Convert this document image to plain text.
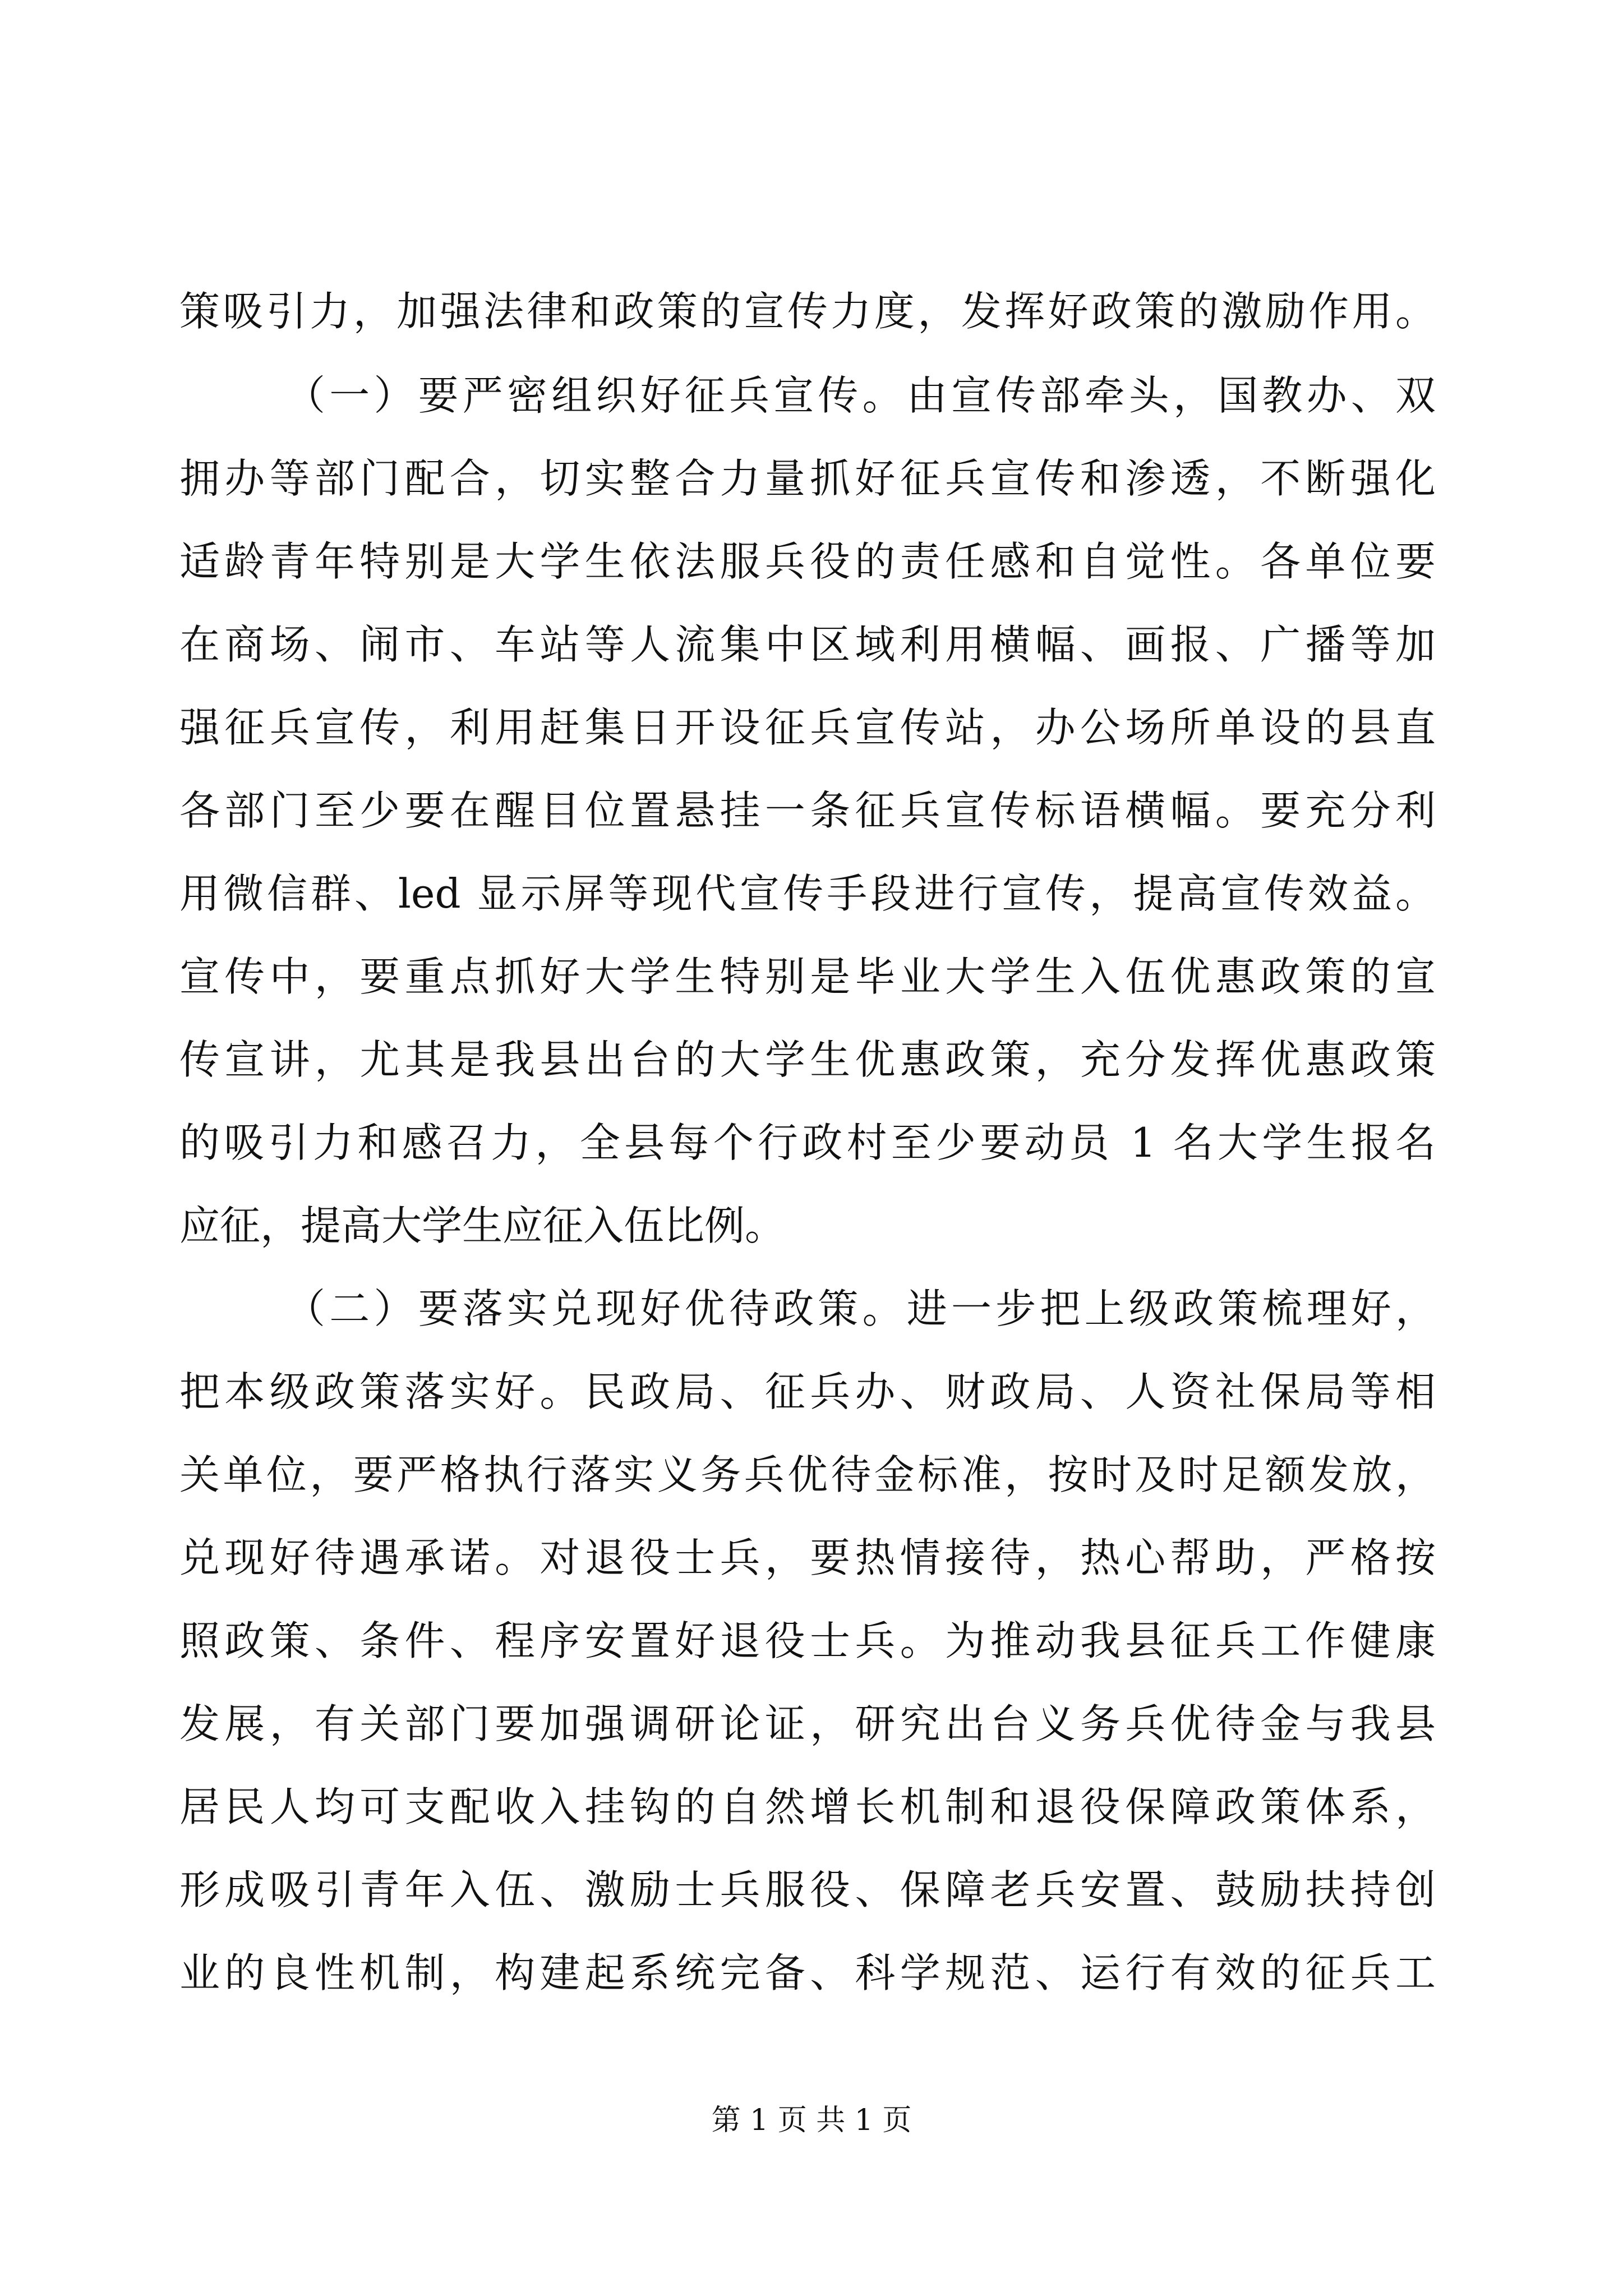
策吸引力，加强法律和政策的宣传力度，发挥好政策的激励作用。
（一）要严密组织好征兵宣传。由宣传部牵头，国教办、双
拥办等部门配合，切实整合力量抓好征兵宣传和渗透，不断强化
适龄青年特别是大学生依法服兵役的责任感和自觉性。各单位要
在商场、闹市、车站等人流集中区域利用横幅、画报、广播等加
强征兵宣传，利用赶集日开设征兵宣传站，办公场所单设的县直
各部门至少要在醒目位置悬挂一条征兵宣传标语横幅。要充分利
用微信群、led 显示屏等现代宣传手段进行宣传，提高宣传效益。
宣传中，要重点抓好大学生特别是毕业大学生入伍优惠政策的宣
传宣讲，尤其是我县出台的大学生优惠政策，充分发挥优惠政策
的吸引力和感召力，全县每个行政村至少要动员 1 名大学生报名
应征，提高大学生应征入伍比例。
（二）要落实兑现好优待政策。进一步把上级政策梳理好，
把本级政策落实好。民政局、征兵办、财政局、人资社保局等相
关单位，要严格执行落实义务兵优待金标准，按时及时足额发放，
兑现好待遇承诺。对退役士兵，要热情接待，热心帮助，严格按
照政策、条件、程序安置好退役士兵。为推动我县征兵工作健康
发展，有关部门要加强调研论证，研究出台义务兵优待金与我县
居民人均可支配收入挂钩的自然增长机制和退役保障政策体系，
形成吸引青年入伍、激励士兵服役、保障老兵安置、鼓励扶持创
业的良性机制，构建起系统完备、科学规范、运行有效的征兵工
第 1 页 共 1 页
